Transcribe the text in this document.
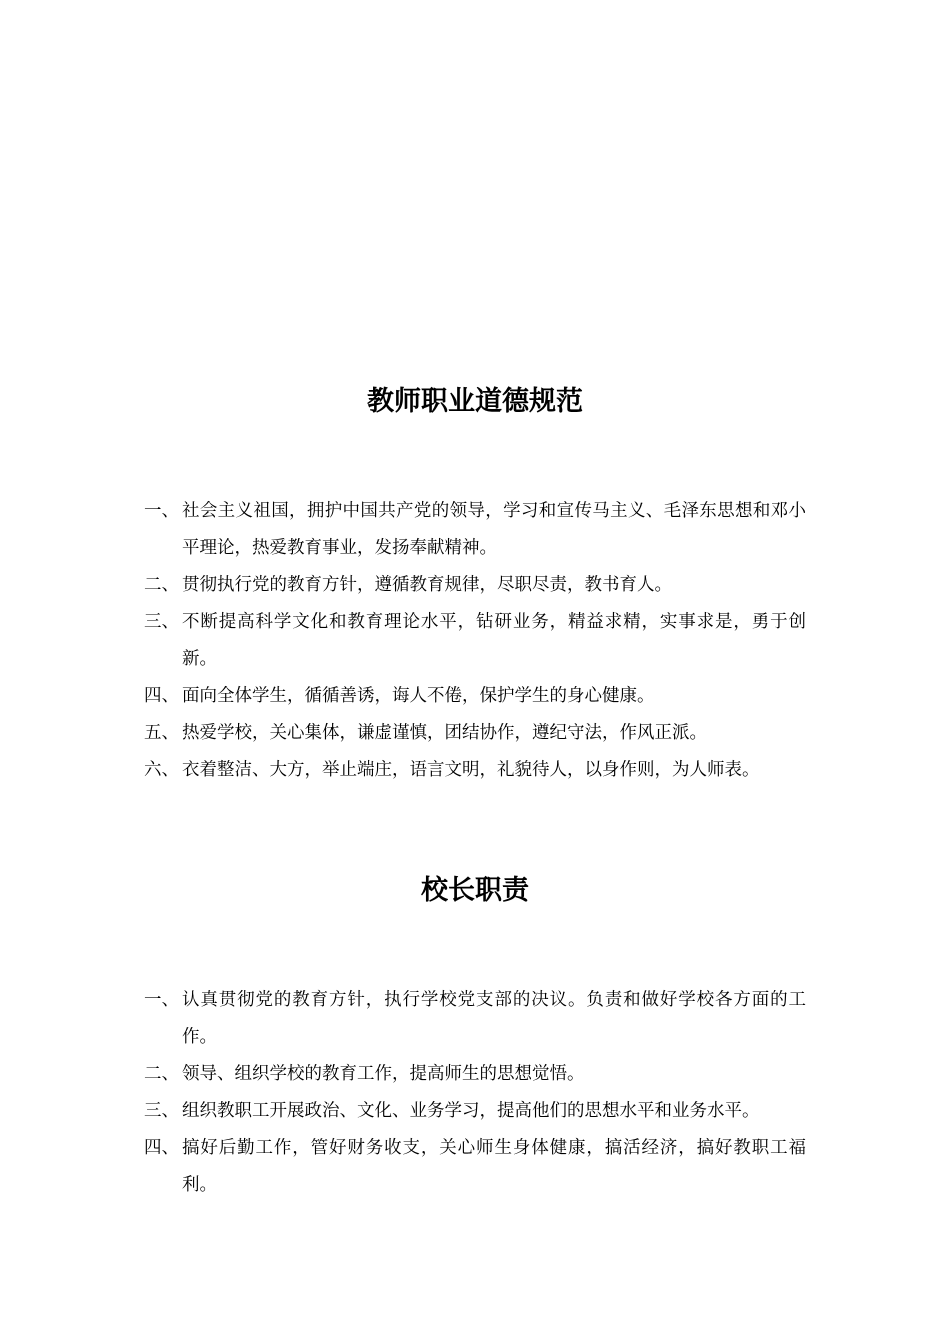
教师职业道德规范
一、 社会主义祖国，拥护中国共产党的领导，学习和宣传马主义、毛泽东思想和邓小平理论，热爱教育事业，发扬奉献精神。
二、 贯彻执行党的教育方针，遵循教育规律，尽职尽责，教书育人。
三、 不断提高科学文化和教育理论水平，钻研业务，精益求精，实事求是，勇于创新。
四、 面向全体学生，循循善诱，诲人不倦，保护学生的身心健康。
五、 热爱学校，关心集体，谦虚谨慎，团结协作，遵纪守法，作风正派。
六、 衣着整洁、大方，举止端庄，语言文明，礼貌待人，以身作则，为人师表。
校长职责
一、 认真贯彻党的教育方针，执行学校党支部的决议。负责和做好学校各方面的工作。
二、 领导、组织学校的教育工作，提高师生的思想觉悟。
三、 组织教职工开展政治、文化、业务学习，提高他们的思想水平和业务水平。
四、 搞好后勤工作，管好财务收支，关心师生身体健康，搞活经济，搞好教职工福利。
